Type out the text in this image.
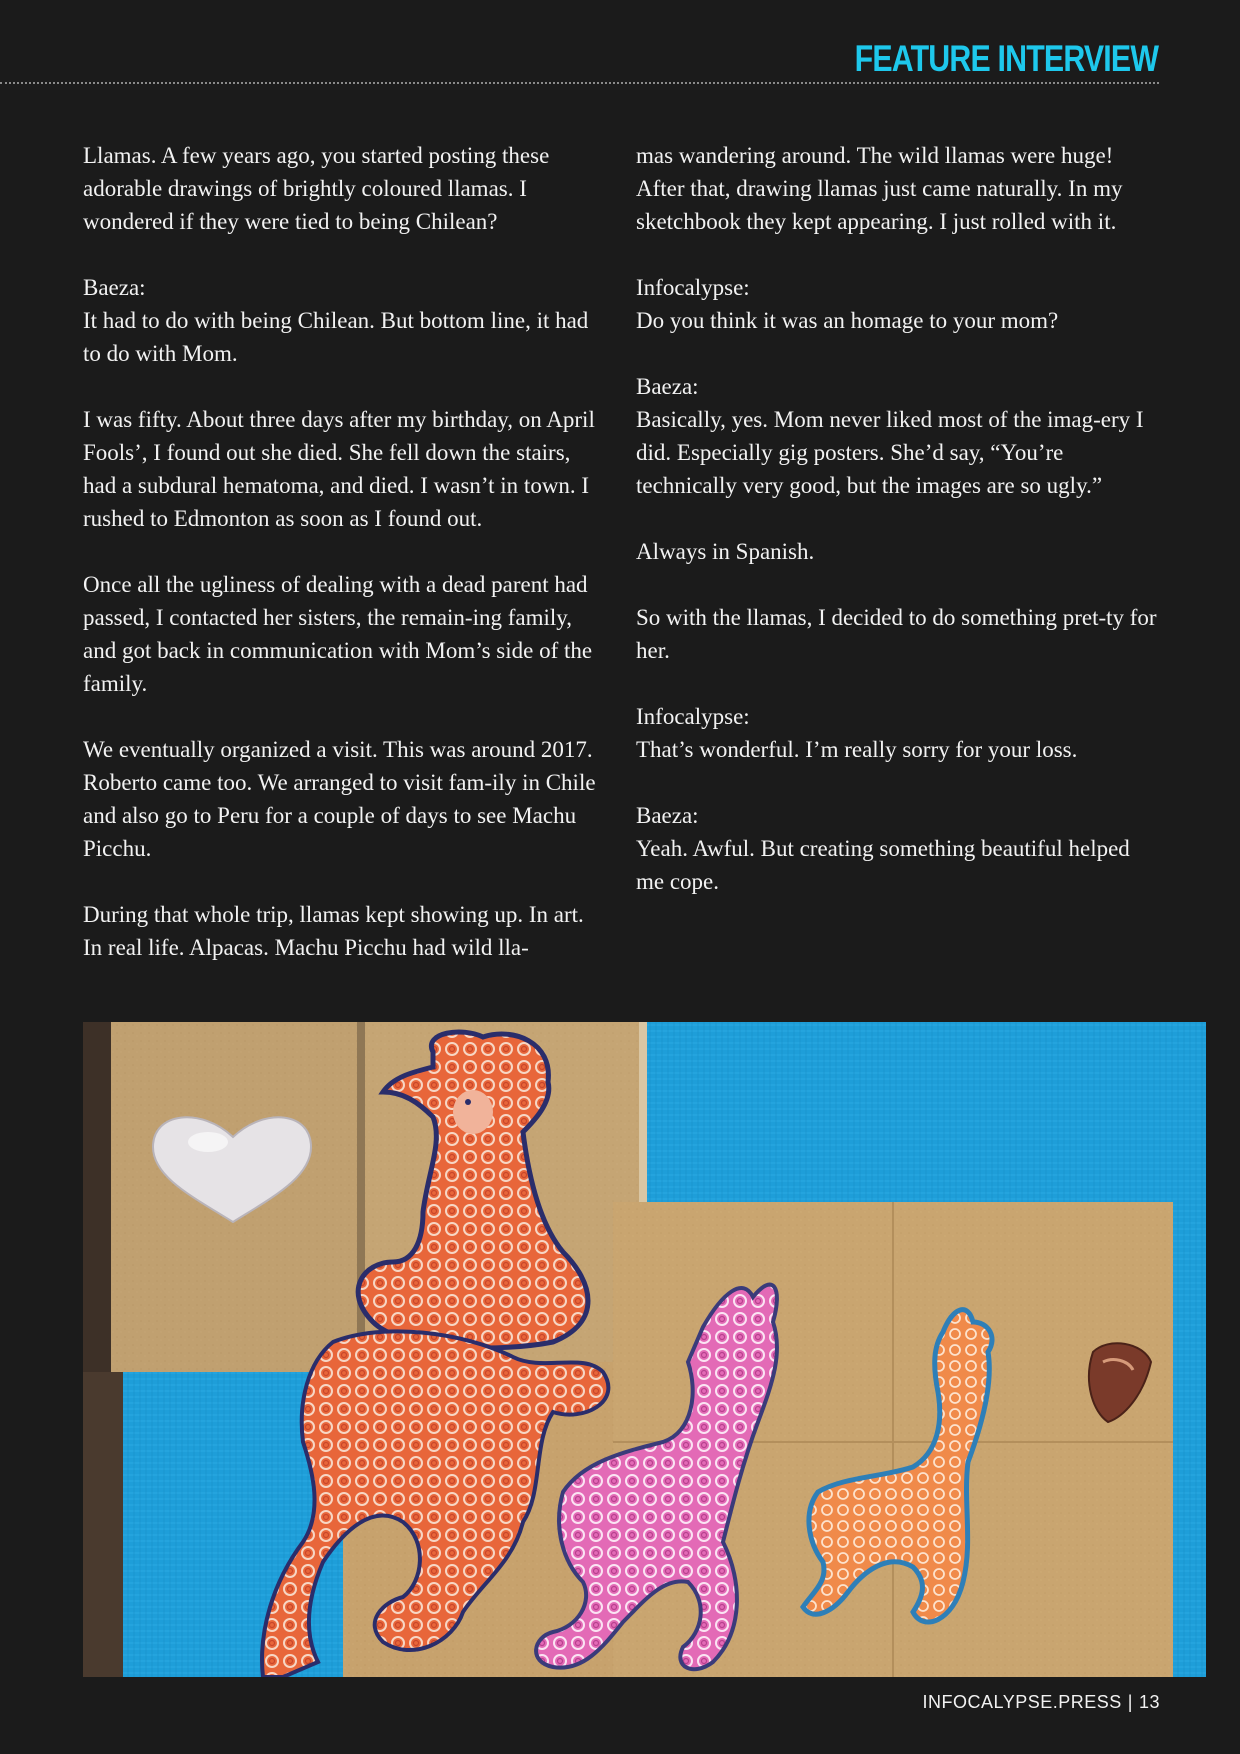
FEATURE INTERVIEW

Llamas. A few years ago, you started posting these adorable drawings of brightly coloured llamas. I wondered if they were tied to being Chilean?

Baeza:
It had to do with being Chilean. But bottom line, it had to do with Mom.

I was fifty. About three days after my birthday, on April Fools’, I found out she died. She fell down the stairs, had a subdural hematoma, and died. I wasn’t in town. I rushed to Edmonton as soon as I found out.

Once all the ugliness of dealing with a dead parent had passed, I contacted her sisters, the remain-ing family, and got back in communication with Mom’s side of the family.

We eventually organized a visit. This was around 2017. Roberto came too. We arranged to visit fam-ily in Chile and also go to Peru for a couple of days to see Machu Picchu.

During that whole trip, llamas kept showing up. In art. In real life. Alpacas. Machu Picchu had wild lla-

mas wandering around. The wild llamas were huge! After that, drawing llamas just came naturally. In my sketchbook they kept appearing. I just rolled with it.

Infocalypse:
Do you think it was an homage to your mom?

Baeza:
Basically, yes. Mom never liked most of the imag-ery I did. Especially gig posters. She’d say, “You’re technically very good, but the images are so ugly.”

Always in Spanish.

So with the llamas, I decided to do something pret-ty for her.

Infocalypse:
That’s wonderful. I’m really sorry for your loss.

Baeza:
Yeah. Awful. But creating something beautiful helped me cope.

INFOCALYPSE.PRESS | 13
